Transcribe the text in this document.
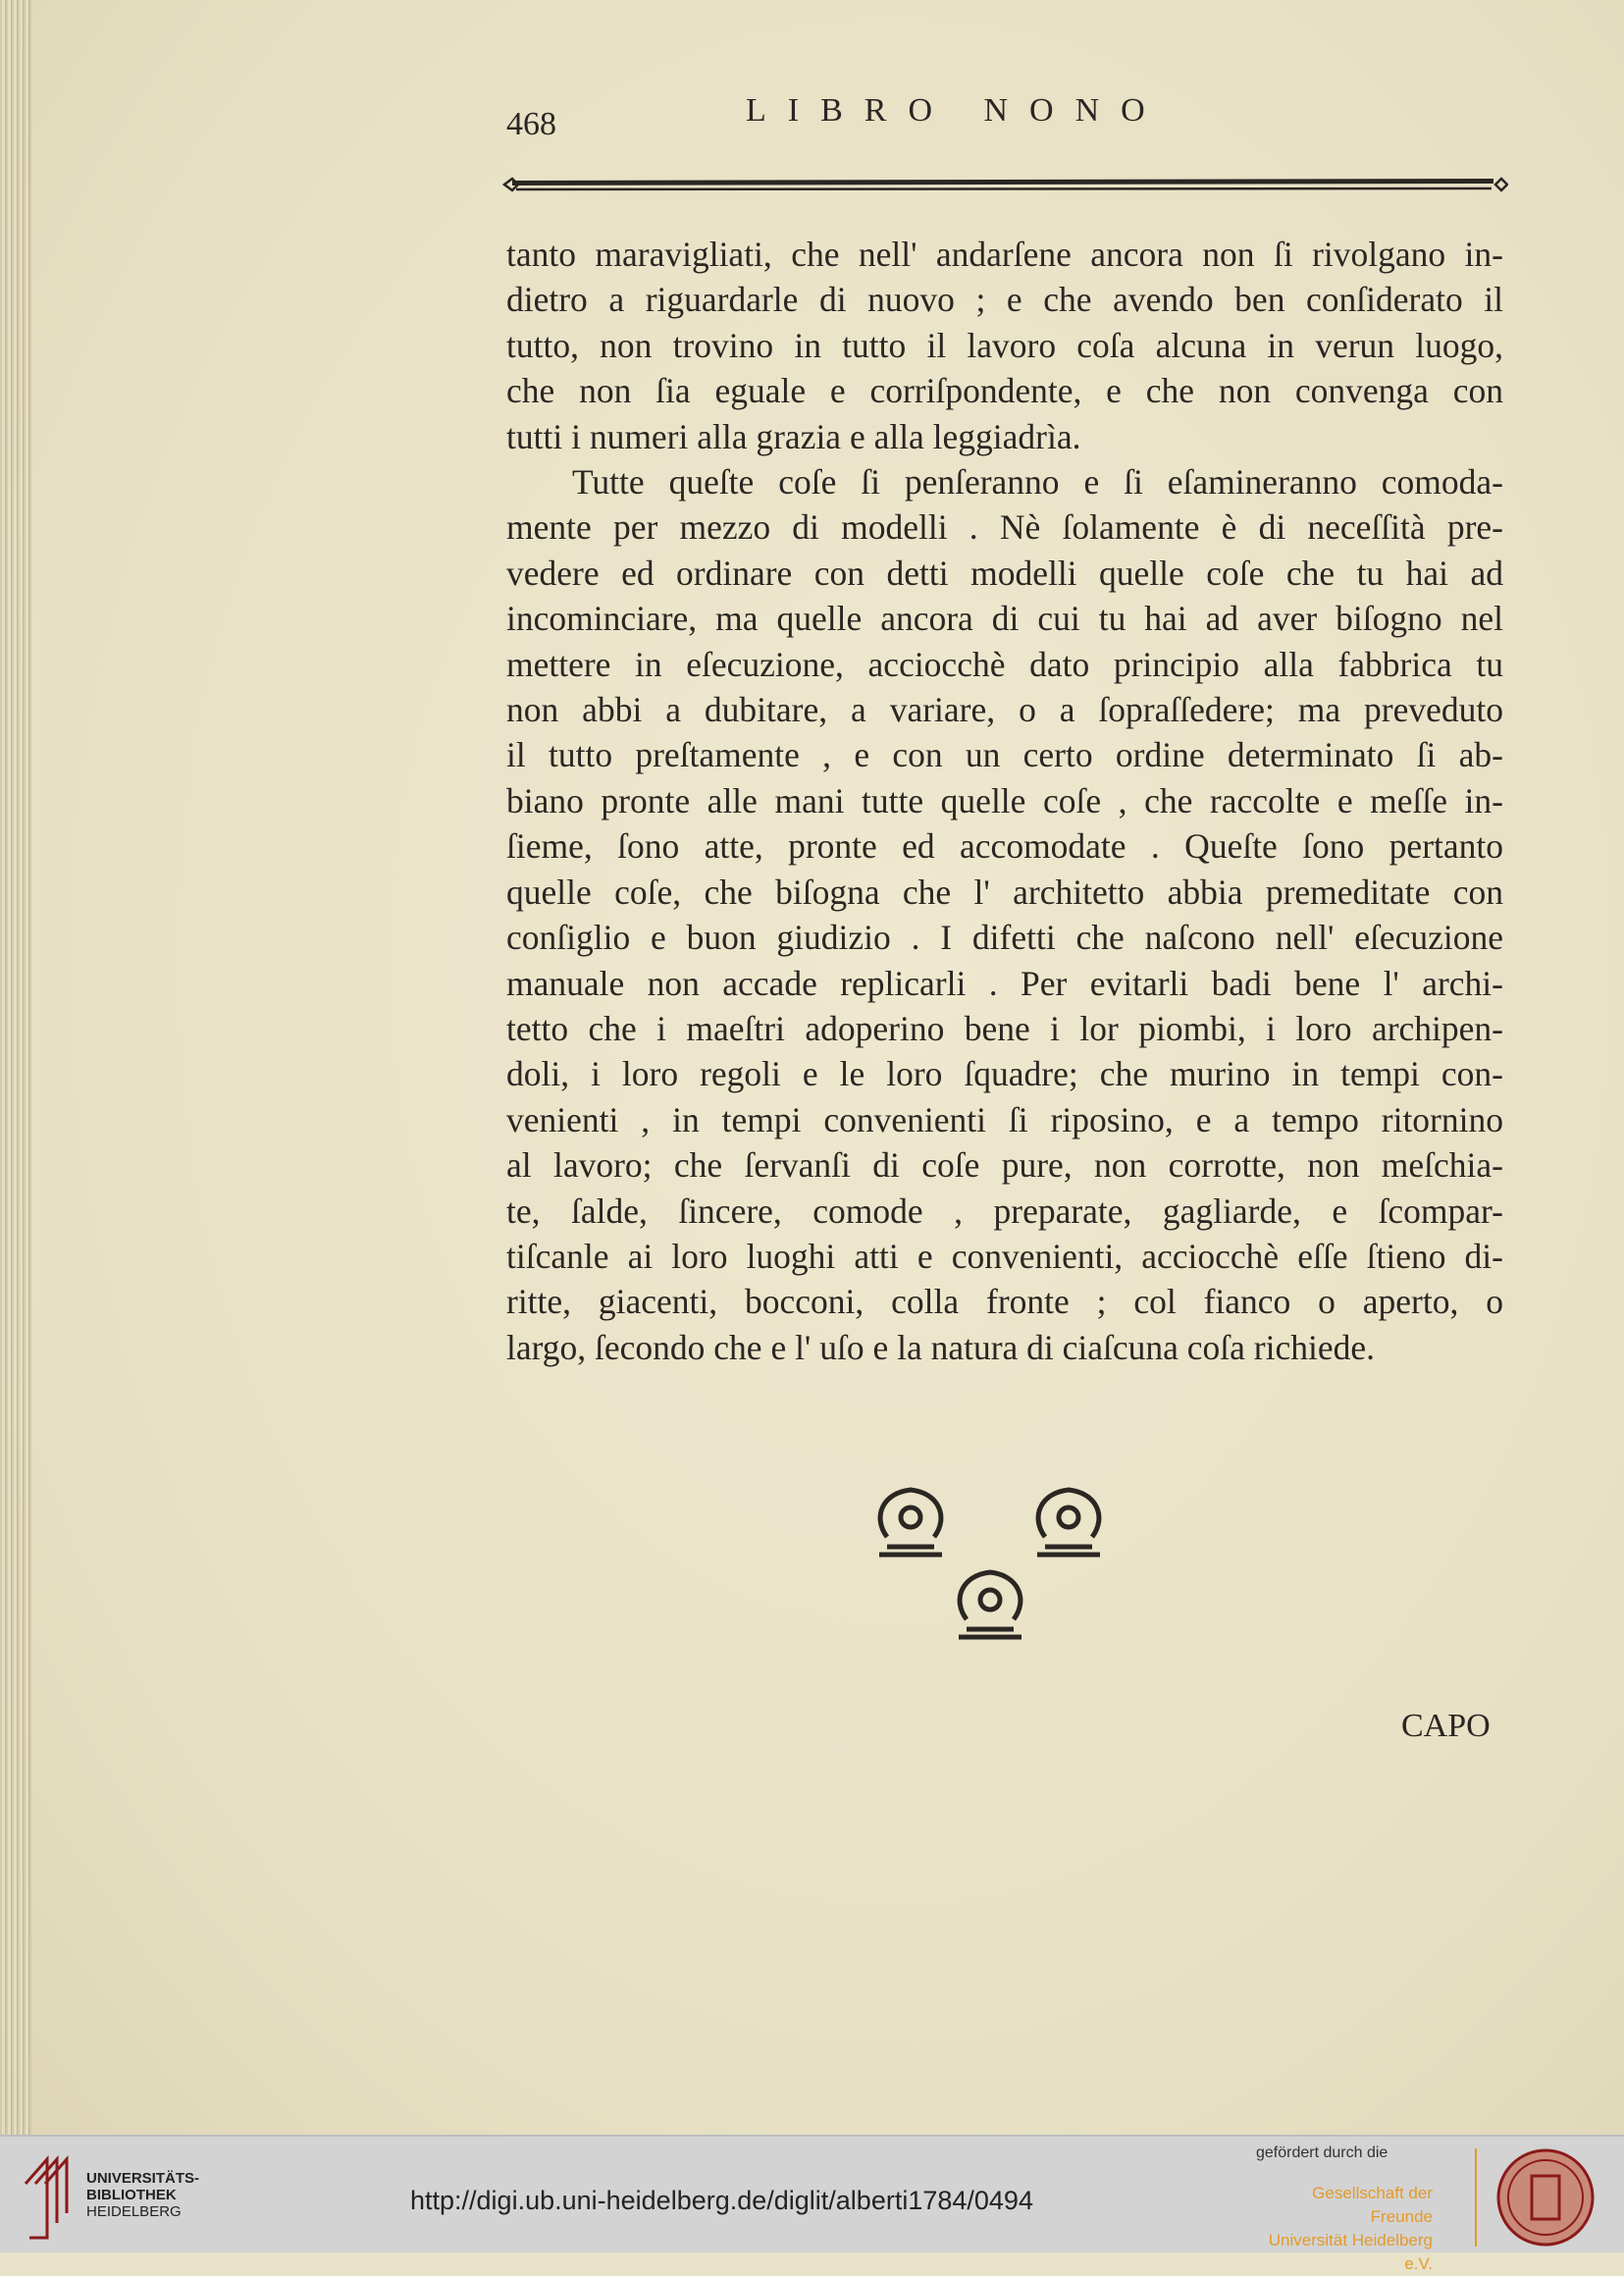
468	LIBRO NONO
tanto maravigliati, che nell' andarſene ancora non ſi rivolgano in-
dietro a riguardarle di nuovo ; e che avendo ben conſiderato il
tutto, non trovino in tutto il lavoro coſa alcuna in verun luogo,
che non ſia eguale e corriſpondente, e che non convenga con
tutti i numeri alla grazia e alla leggiadrìa.
Tutte queſte coſe ſi penſeranno e ſi eſamineranno comoda-
mente per mezzo di modelli . Nè ſolamente è di neceſſità pre-
vedere ed ordinare con detti modelli quelle coſe che tu hai ad
incominciare, ma quelle ancora di cui tu hai ad aver biſogno nel
mettere in eſecuzione, acciocchè dato principio alla fabbrica tu
non abbi a dubitare, a variare, o a ſopraſſedere; ma preveduto
il tutto preſtamente , e con un certo ordine determinato ſi ab-
biano pronte alle mani tutte quelle coſe , che raccolte e meſſe in-
ſieme, ſono atte, pronte ed accomodate . Queſte ſono pertanto
quelle coſe, che biſogna che l' architetto abbia premeditate con
conſiglio e buon giudizio . I difetti che naſcono nell' eſecuzione
manuale non accade replicarli . Per evitarli badi bene l' archi-
tetto che i maeſtri adoperino bene i lor piombi, i loro archipen-
doli, i loro regoli e le loro ſquadre; che murino in tempi con-
venienti , in tempi convenienti ſi riposino, e a tempo ritornino
al lavoro; che ſervanſi di coſe pure, non corrotte, non meſchia-
te, ſalde, ſincere, comode , preparate, gagliarde, e ſcompar-
tiſcanle ai loro luoghi atti e convenienti, acciocchè eſſe ſtieno di-
ritte, giacenti, bocconi, colla fronte ; col fianco o aperto, o
largo, ſecondo che e l' uſo e la natura di ciaſcuna coſa richiede.
CAPO
UNIVERSITÄTS-
BIBLIOTHEK
HEIDELBERG	http://digi.ub.uni-heidelberg.de/diglit/alberti1784/0494
gefördert durch die
Gesellschaft der Freunde
Universität Heidelberg e.V.
